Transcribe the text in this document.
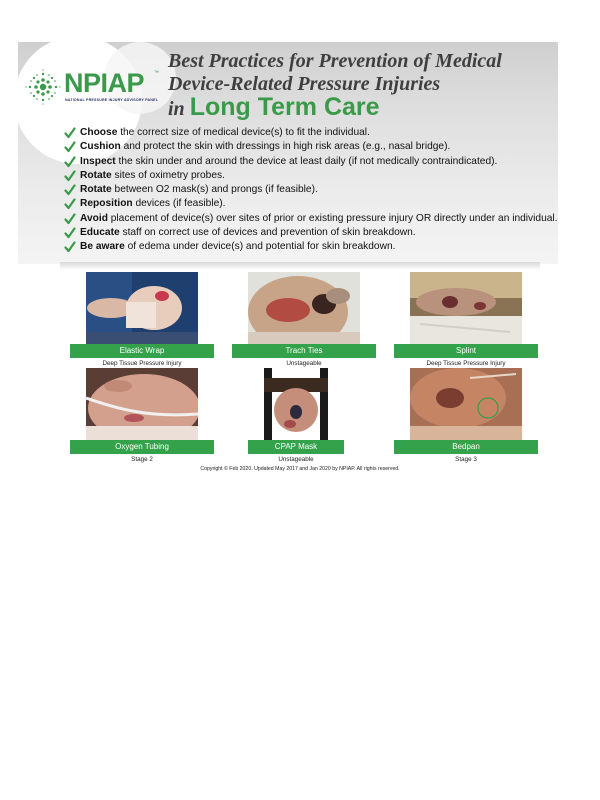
NPIAP ™
NATIONAL PRESSURE INJURY ADVISORY PANEL
Best Practices for Prevention of Medical
Device-Related Pressure Injuries
in Long Term Care
Choose the correct size of medical device(s) to fit the individual.
Cushion and protect the skin with dressings in high risk areas (e.g., nasal bridge).
Inspect the skin under and around the device at least daily (if not medically contraindicated).
Rotate sites of oximetry probes.
Rotate between O2 mask(s) and prongs (if feasible).
Reposition devices (if feasible).
Avoid placement of device(s) over sites of prior or existing pressure injury OR directly under an individual.
Educate staff on correct use of devices and prevention of skin breakdown.
Be aware of edema under device(s) and potential for skin breakdown.
Elastic Wrap
Deep Tissue Pressure Injury
Trach Ties
Unstageable
Splint
Deep Tissue Pressure Injury
Oxygen Tubing
Stage 2
CPAP Mask
Unstageable
Bedpan
Stage 3
Copyright © Feb 2020. Updated May 2017 and Jan 2020 by NPIAP. All rights reserved.
